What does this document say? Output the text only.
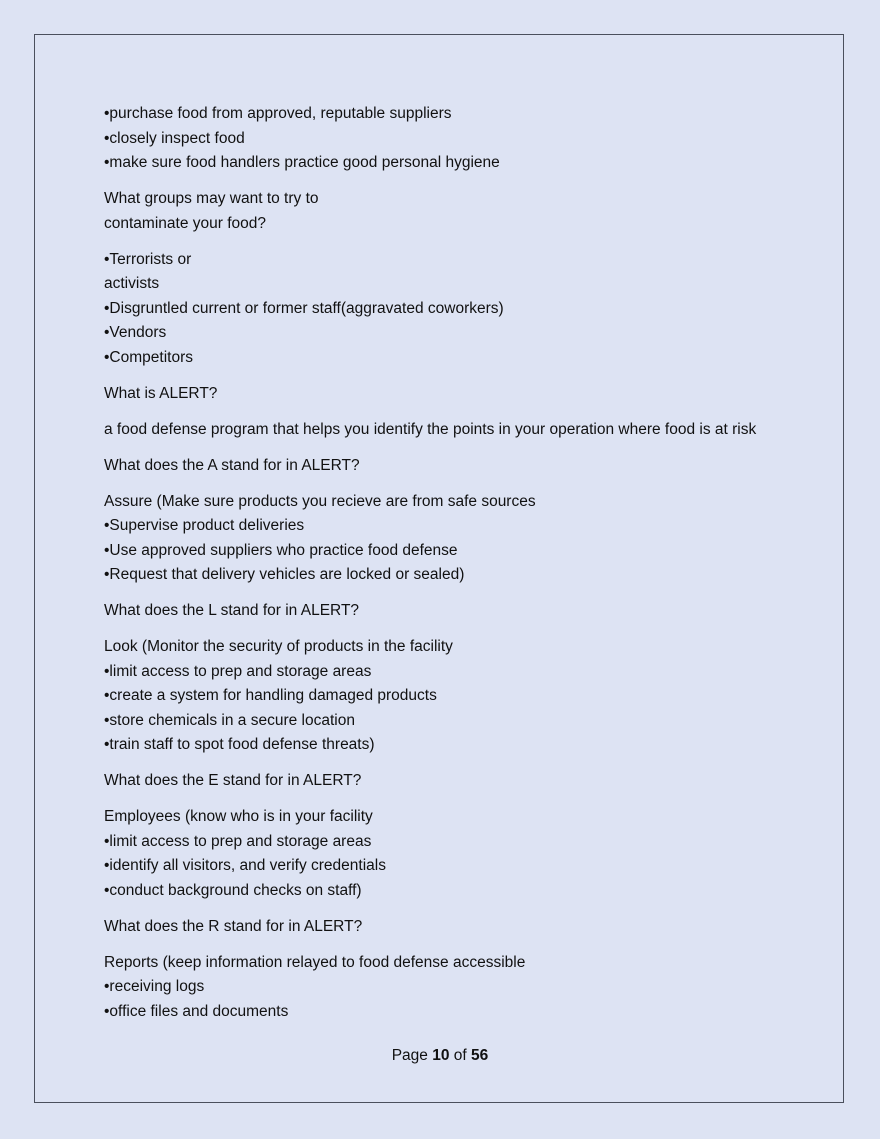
•purchase food from approved, reputable suppliers
•closely inspect food
•make sure food handlers practice good personal hygiene
What groups may want to try to
contaminate your food?
•Terrorists or
activists
•Disgruntled current or former staff(aggravated coworkers)
•Vendors
•Competitors
What is ALERT?
a food defense program that helps you identify the points in your operation where food is at risk
What does the A stand for in ALERT?
Assure (Make sure products you recieve are from safe sources
•Supervise product deliveries
•Use approved suppliers who practice food defense
•Request that delivery vehicles are locked or sealed)
What does the L stand for in ALERT?
Look (Monitor the security of products in the facility
•limit access to prep and storage areas
•create a system for handling damaged products
•store chemicals in a secure location
•train staff to spot food defense threats)
What does the E stand for in ALERT?
Employees (know who is in your facility
•limit access to prep and storage areas
•identify all visitors, and verify credentials
•conduct background checks on staff)
What does the R stand for in ALERT?
Reports (keep information relayed to food defense accessible
•receiving logs
•office files and documents
Page 10 of 56
